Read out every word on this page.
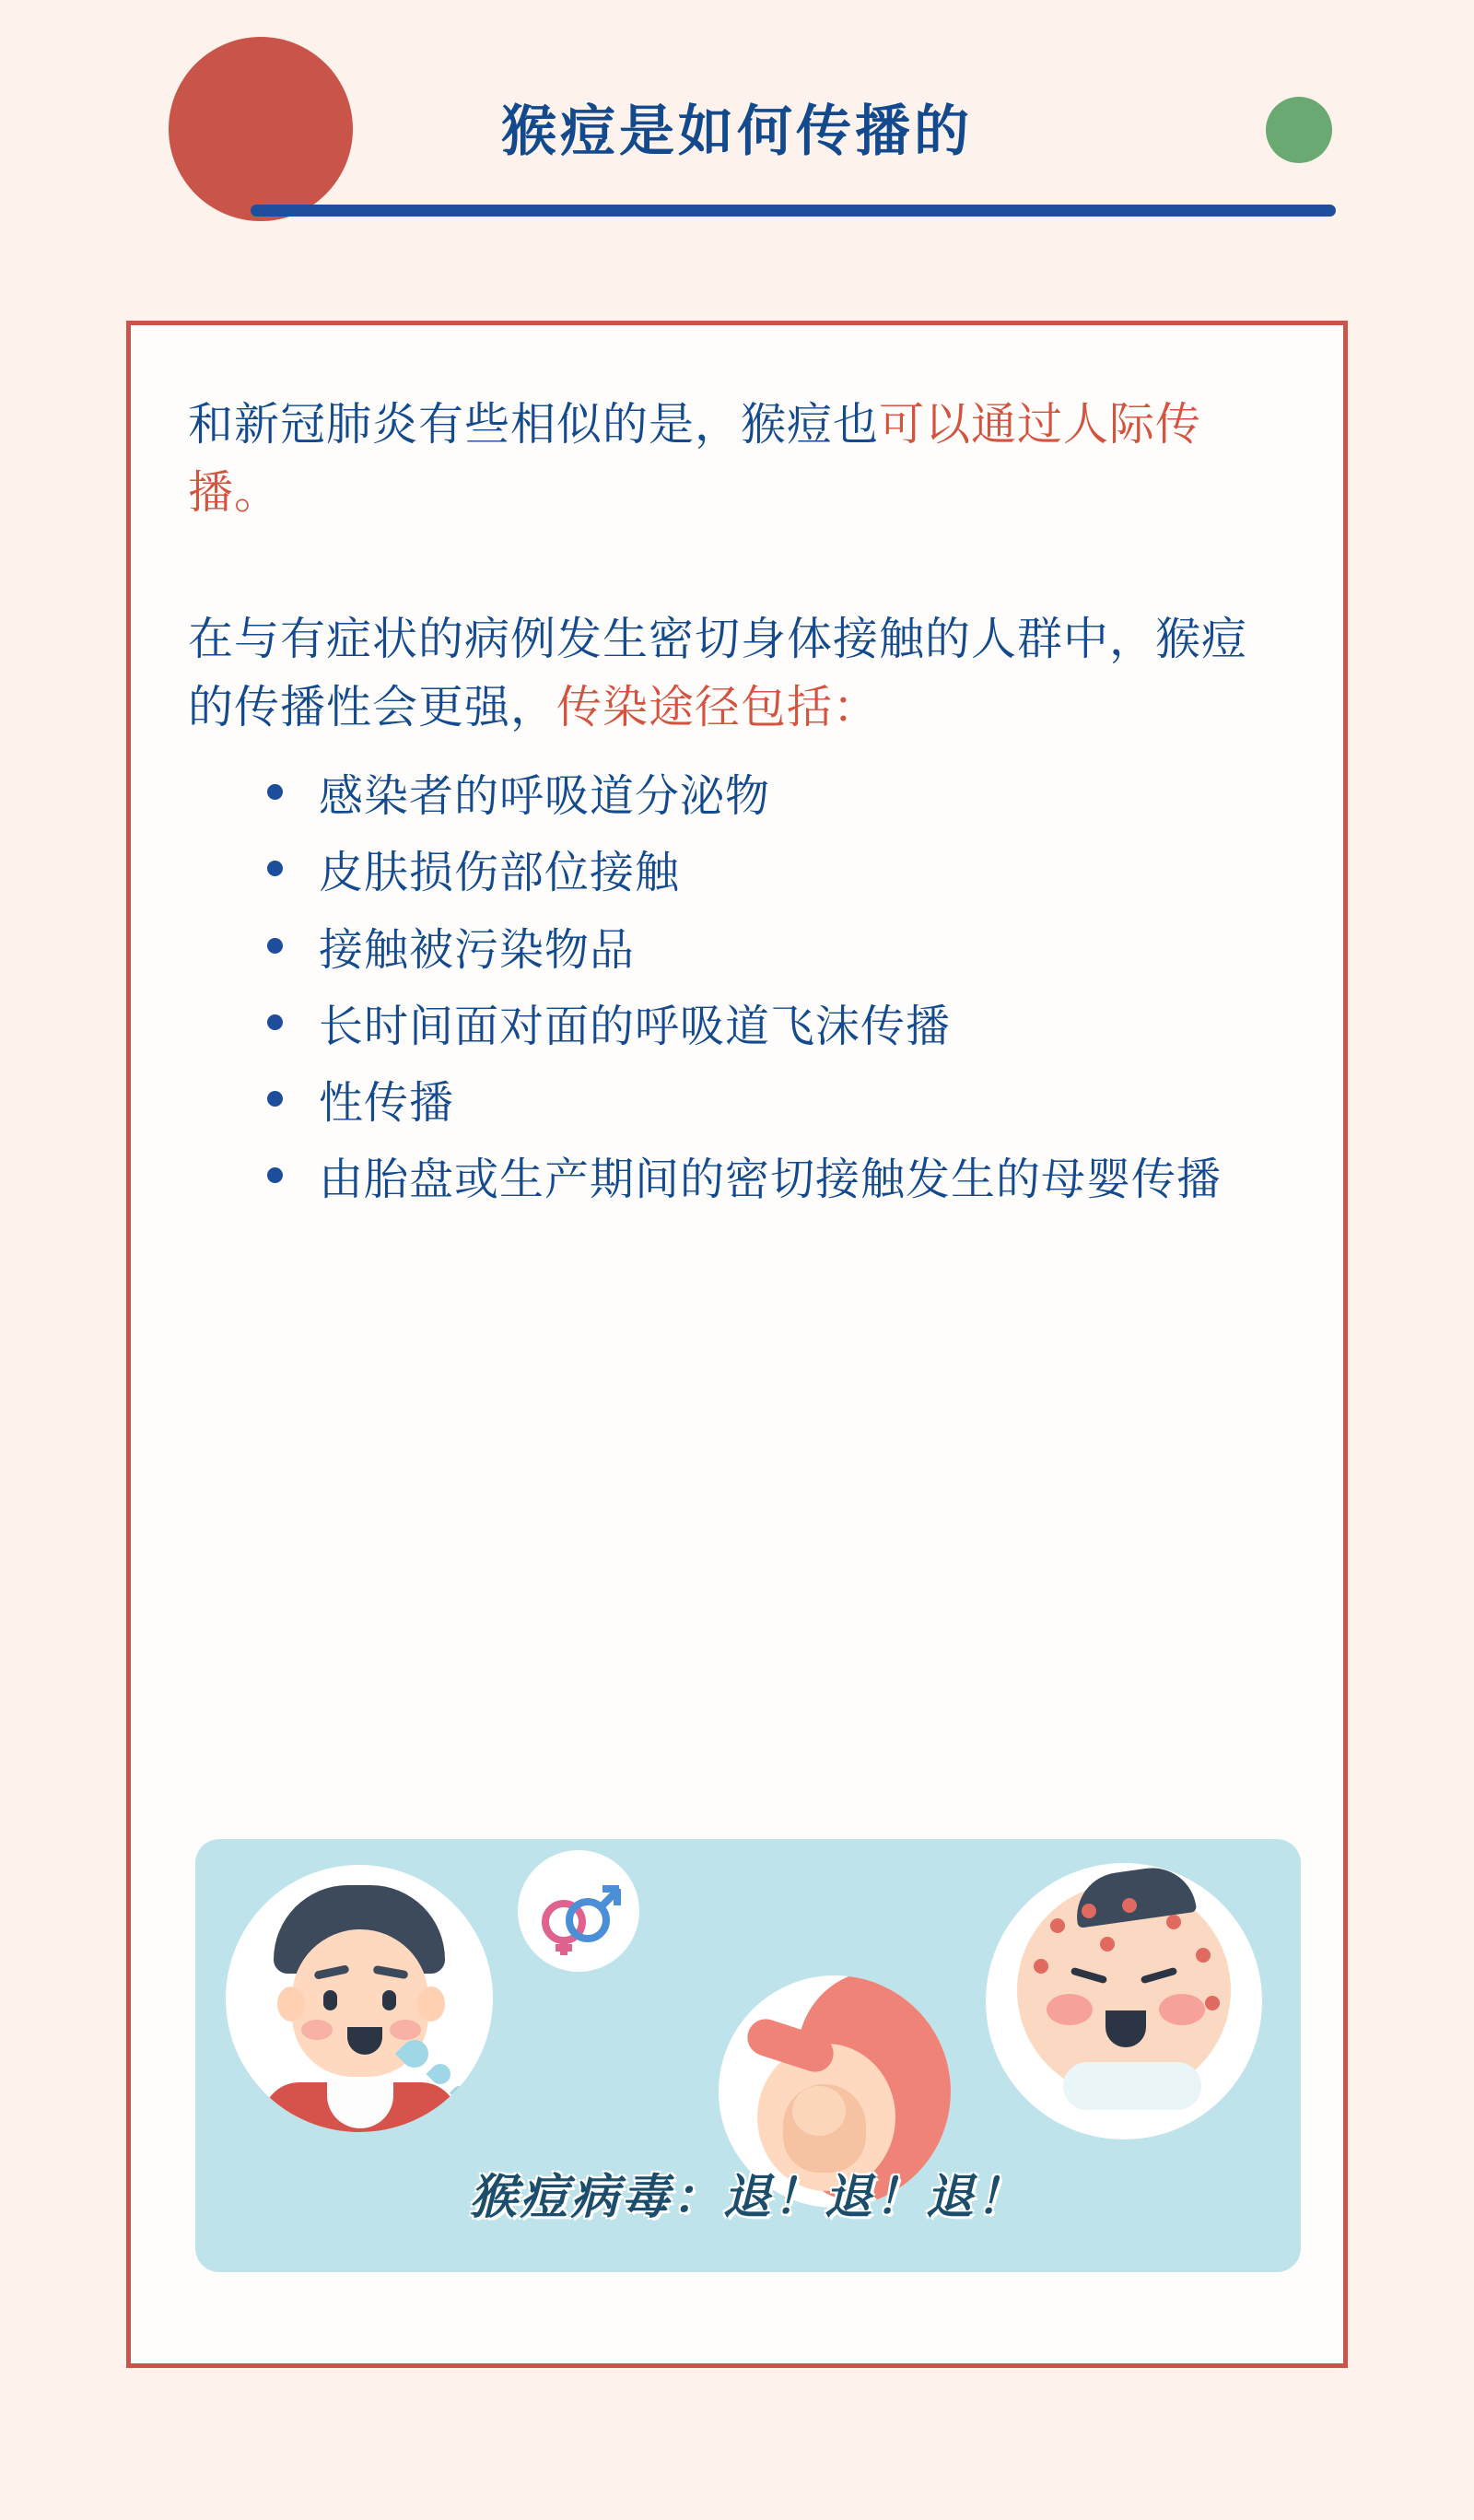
猴痘是如何传播的

和新冠肺炎有些相似的是，猴痘也可以通过人际传播。

在与有症状的病例发生密切身体接触的人群中，猴痘的传播性会更强，传染途径包括：

感染者的呼吸道分泌物
皮肤损伤部位接触
接触被污染物品
长时间面对面的呼吸道飞沫传播
性传播
由胎盘或生产期间的密切接触发生的母婴传播
猴痘病毒：退！退！退！
